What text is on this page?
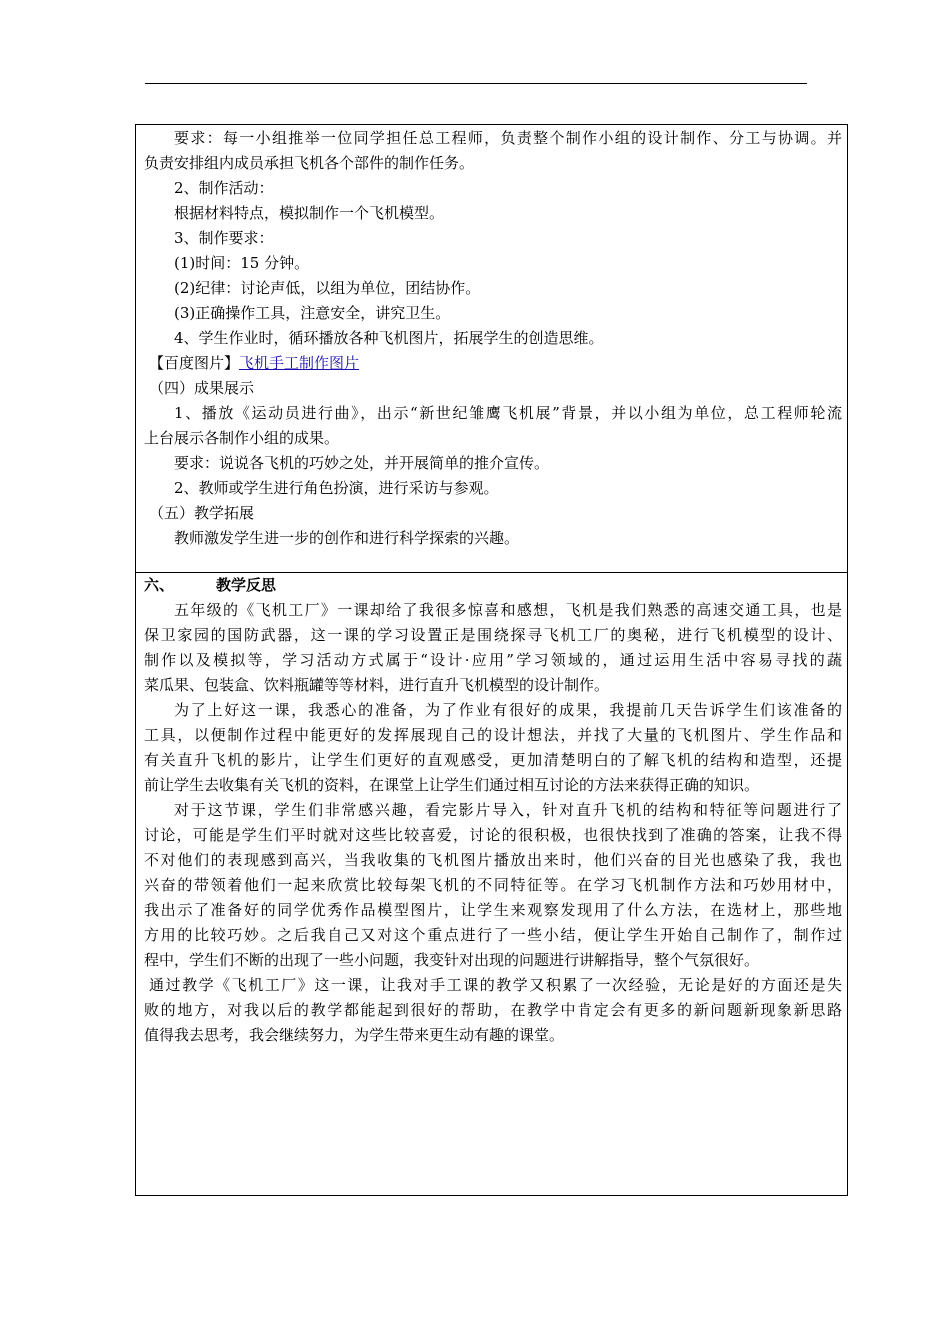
要求：每一小组推举一位同学担任总工程师，负责整个制作小组的设计制作、分工与协调。并
负责安排组内成员承担飞机各个部件的制作任务。
2、制作活动：
根据材料特点，模拟制作一个飞机模型。
3、制作要求：
(1)时间：15 分钟。
(2)纪律：讨论声低，以组为单位，团结协作。
(3)正确操作工具，注意安全，讲究卫生。
4、学生作业时，循环播放各种飞机图片，拓展学生的创造思维。
【百度图片】飞机手工制作图片
（四）成果展示
1、播放《运动员进行曲》，出示“新世纪雏鹰飞机展”背景，并以小组为单位，总工程师轮流
上台展示各制作小组的成果。
要求：说说各飞机的巧妙之处，并开展简单的推介宣传。
2、教师或学生进行角色扮演，进行采访与参观。
（五）教学拓展
教师激发学生进一步的创作和进行科学探索的兴趣。
六、	教学反思
五年级的《飞机工厂》一课却给了我很多惊喜和感想，飞机是我们熟悉的高速交通工具，也是
保卫家园的国防武器，这一课的学习设置正是围绕探寻飞机工厂的奥秘，进行飞机模型的设计、
制作以及模拟等，学习活动方式属于“设计·应用”学习领域的，通过运用生活中容易寻找的蔬
菜瓜果、包装盒、饮料瓶罐等等材料，进行直升飞机模型的设计制作。
为了上好这一课，我悉心的准备，为了作业有很好的成果，我提前几天告诉学生们该准备的
工具，以便制作过程中能更好的发挥展现自己的设计想法，并找了大量的飞机图片、学生作品和
有关直升飞机的影片，让学生们更好的直观感受，更加清楚明白的了解飞机的结构和造型，还提
前让学生去收集有关飞机的资料，在课堂上让学生们通过相互讨论的方法来获得正确的知识。
对于这节课，学生们非常感兴趣，看完影片导入，针对直升飞机的结构和特征等问题进行了
讨论，可能是学生们平时就对这些比较喜爱，讨论的很积极，也很快找到了准确的答案，让我不得
不对他们的表现感到高兴，当我收集的飞机图片播放出来时，他们兴奋的目光也感染了我，我也
兴奋的带领着他们一起来欣赏比较每架飞机的不同特征等。在学习飞机制作方法和巧妙用材中，
我出示了准备好的同学优秀作品模型图片，让学生来观察发现用了什么方法，在选材上，那些地
方用的比较巧妙。之后我自己又对这个重点进行了一些小结，便让学生开始自己制作了，制作过
程中，学生们不断的出现了一些小问题，我变针对出现的问题进行讲解指导，整个气氛很好。
通过教学《飞机工厂》这一课，让我对手工课的教学又积累了一次经验，无论是好的方面还是失
败的地方，对我以后的教学都能起到很好的帮助，在教学中肯定会有更多的新问题新现象新思路
值得我去思考，我会继续努力，为学生带来更生动有趣的课堂。
